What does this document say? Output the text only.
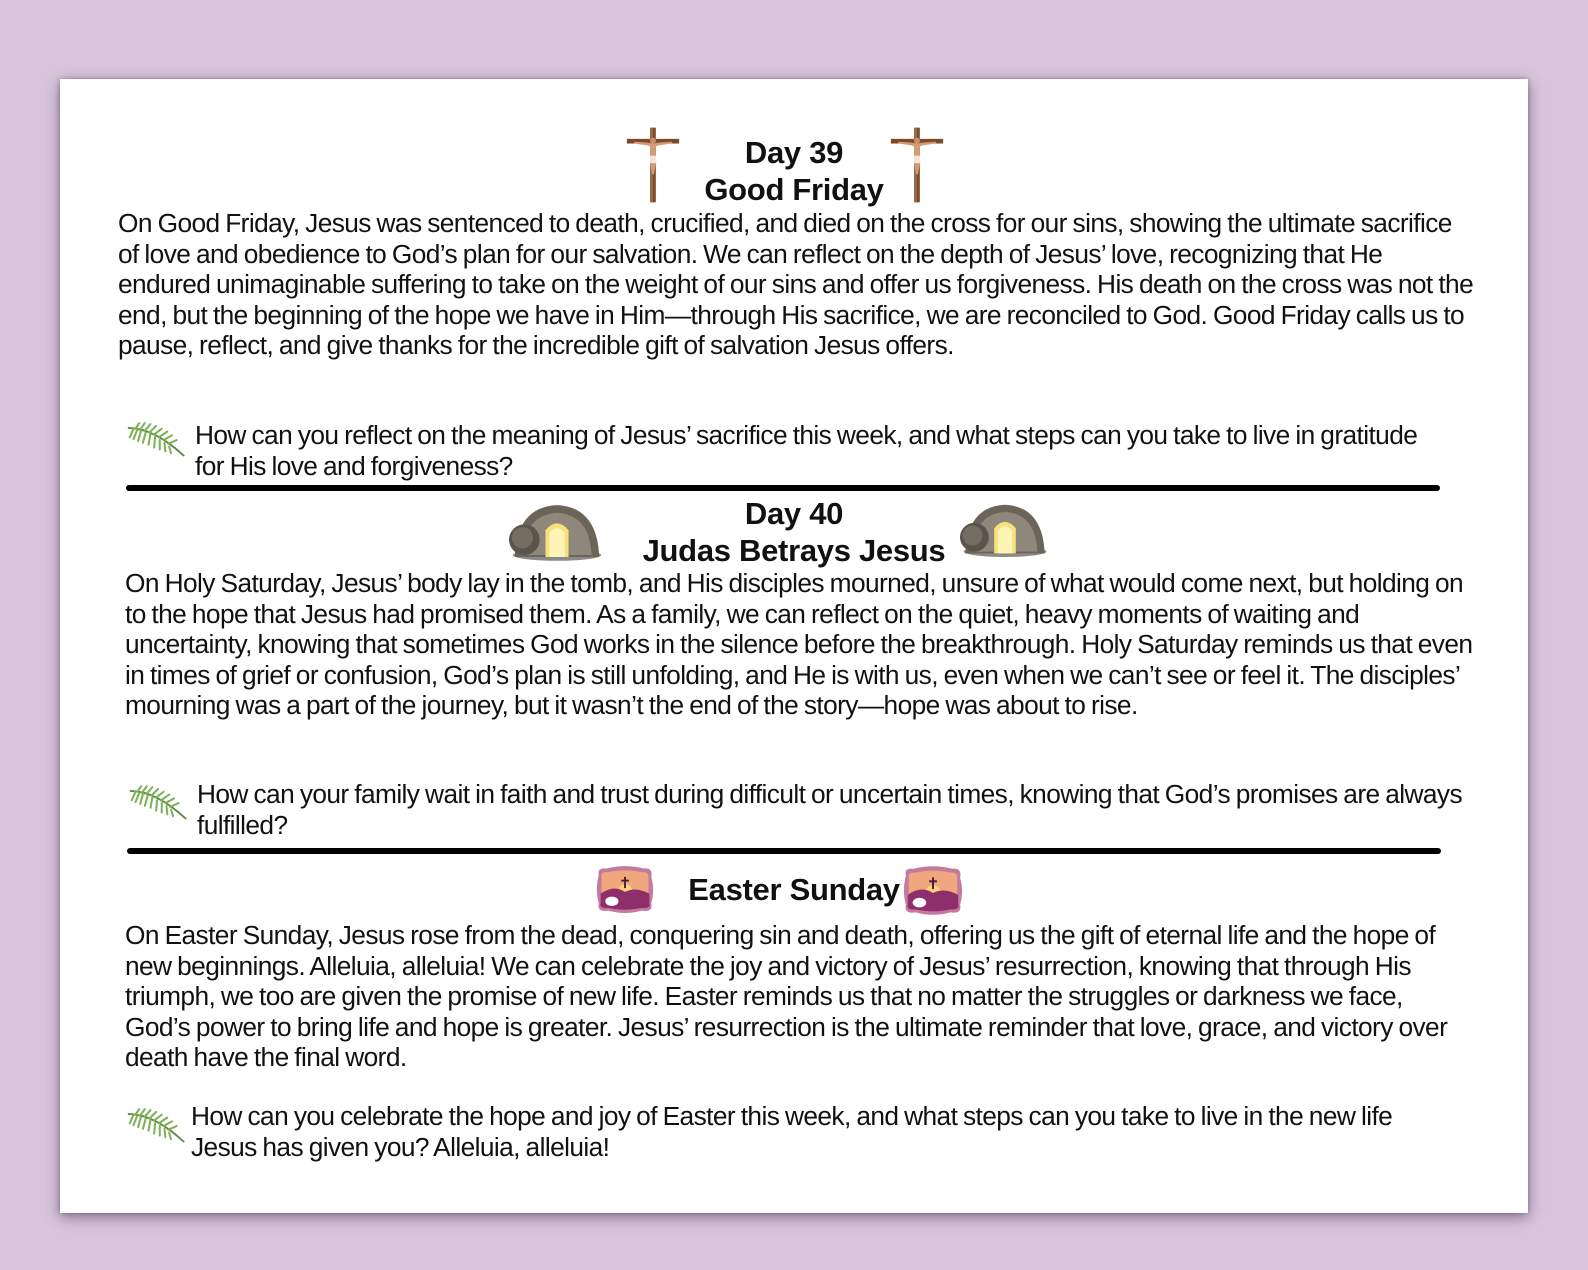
Day 39
Good Friday

On Good Friday, Jesus was sentenced to death, crucified, and died on the cross for our sins, showing the ultimate sacrifice of love and obedience to God’s plan for our salvation. We can reflect on the depth of Jesus’ love, recognizing that He endured unimaginable suffering to take on the weight of our sins and offer us forgiveness. His death on the cross was not the end, but the beginning of the hope we have in Him—through His sacrifice, we are reconciled to God. Good Friday calls us to pause, reflect, and give thanks for the incredible gift of salvation Jesus offers.

How can you reflect on the meaning of Jesus’ sacrifice this week, and what steps can you take to live in gratitude for His love and forgiveness?

Day 40
Judas Betrays Jesus

On Holy Saturday, Jesus’ body lay in the tomb, and His disciples mourned, unsure of what would come next, but holding on to the hope that Jesus had promised them. As a family, we can reflect on the quiet, heavy moments of waiting and uncertainty, knowing that sometimes God works in the silence before the breakthrough. Holy Saturday reminds us that even in times of grief or confusion, God’s plan is still unfolding, and He is with us, even when we can’t see or feel it. The disciples’ mourning was a part of the journey, but it wasn’t the end of the story—hope was about to rise.

How can your family wait in faith and trust during difficult or uncertain times, knowing that God’s promises are always fulfilled?

Easter Sunday

On Easter Sunday, Jesus rose from the dead, conquering sin and death, offering us the gift of eternal life and the hope of new beginnings. Alleluia, alleluia! We can celebrate the joy and victory of Jesus’ resurrection, knowing that through His triumph, we too are given the promise of new life. Easter reminds us that no matter the struggles or darkness we face, God’s power to bring life and hope is greater. Jesus’ resurrection is the ultimate reminder that love, grace, and victory over death have the final word.

How can you celebrate the hope and joy of Easter this week, and what steps can you take to live in the new life Jesus has given you? Alleluia, alleluia!
